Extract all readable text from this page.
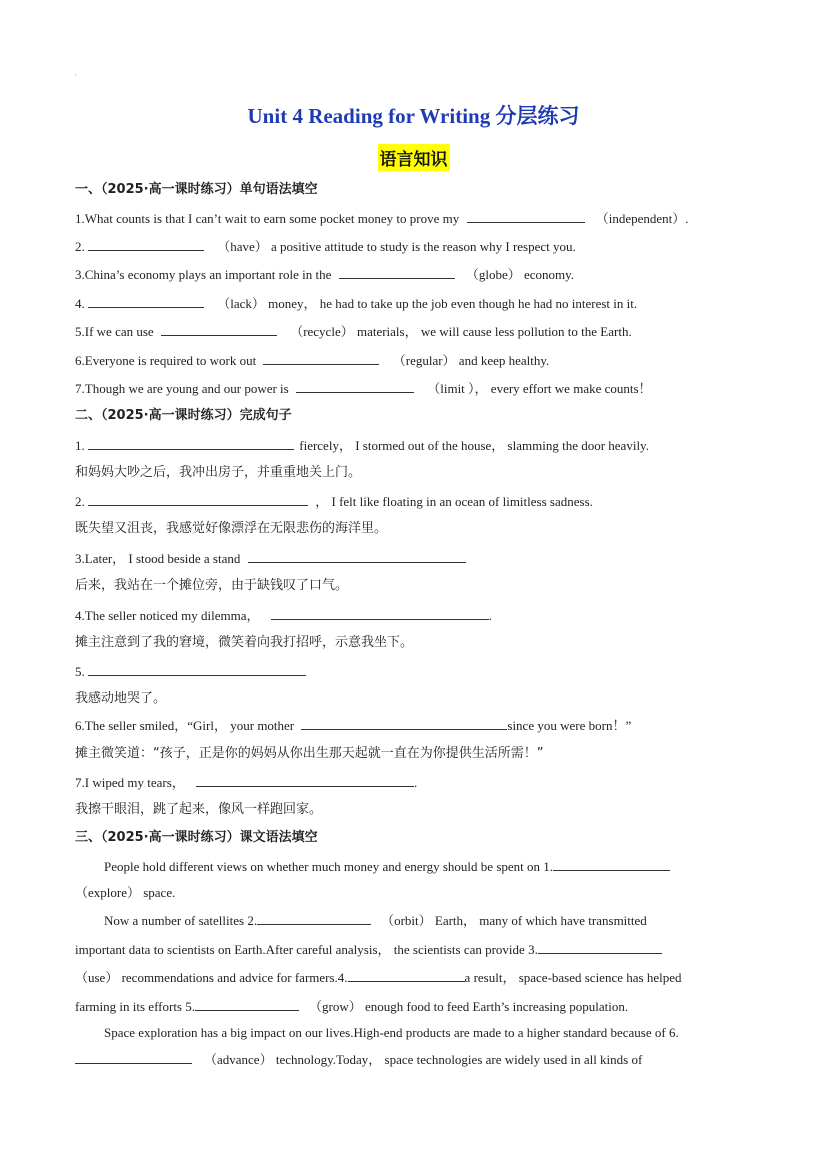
·
Unit 4 Reading for Writing 分层练习
语言知识
一、（2025·高一课时练习）单句语法填空
1.What counts is that I can’t wait to earn some pocket money to prove my	（independent）.
2.	（have） a positive attitude to study is the reason why I respect you.
3.China’s economy plays an important role in the	（globe） economy.
4.	（lack） money， he had to take up the job even though he had no interest in it.
5.If we can use	（recycle） materials， we will cause less pollution to the Earth.
6.Everyone is required to work out	（regular） and keep healthy.
7.Though we are young and our power is	（limit ）， every effort we make counts！
二、（2025·高一课时练习）完成句子
1.	fiercely， I stormed out of the house， slamming the door heavily.
和妈妈大吵之后，我冲出房子，并重重地关上门。
2.	， I felt like floating in an ocean of limitless sadness.
既失望又沮丧，我感觉好像漂浮在无限悲伤的海洋里。
3.Later， I stood beside a stand
后来，我站在一个摊位旁，由于缺钱叹了口气。
4.The seller noticed my dilemma，	.
摊主注意到了我的窘境，微笑着向我打招呼，示意我坐下。
5.
我感动地哭了。
6.The seller smiled，“Girl， your mother	since you were born！”
摊主微笑道：“孩子，正是你的妈妈从你出生那天起就一直在为你提供生活所需！”
7.I wiped my tears，	.
我擦干眼泪，跳了起来，像风一样跑回家。
三、（2025·高一课时练习）课文语法填空
People hold different views on whether much money and energy should be spent on 1.
（explore） space.
Now a number of satellites 2.	（orbit） Earth， many of which have transmitted
important data to scientists on Earth.After careful analysis， the scientists can provide 3.
（use） recommendations and advice for farmers.4.	a result， space-based science has helped
farming in its efforts 5.	（grow） enough food to feed Earth’s increasing population.
Space exploration has a big impact on our lives.High-end products are made to a higher standard because of 6.
（advance） technology.Today， space technologies are widely used in all kinds of
